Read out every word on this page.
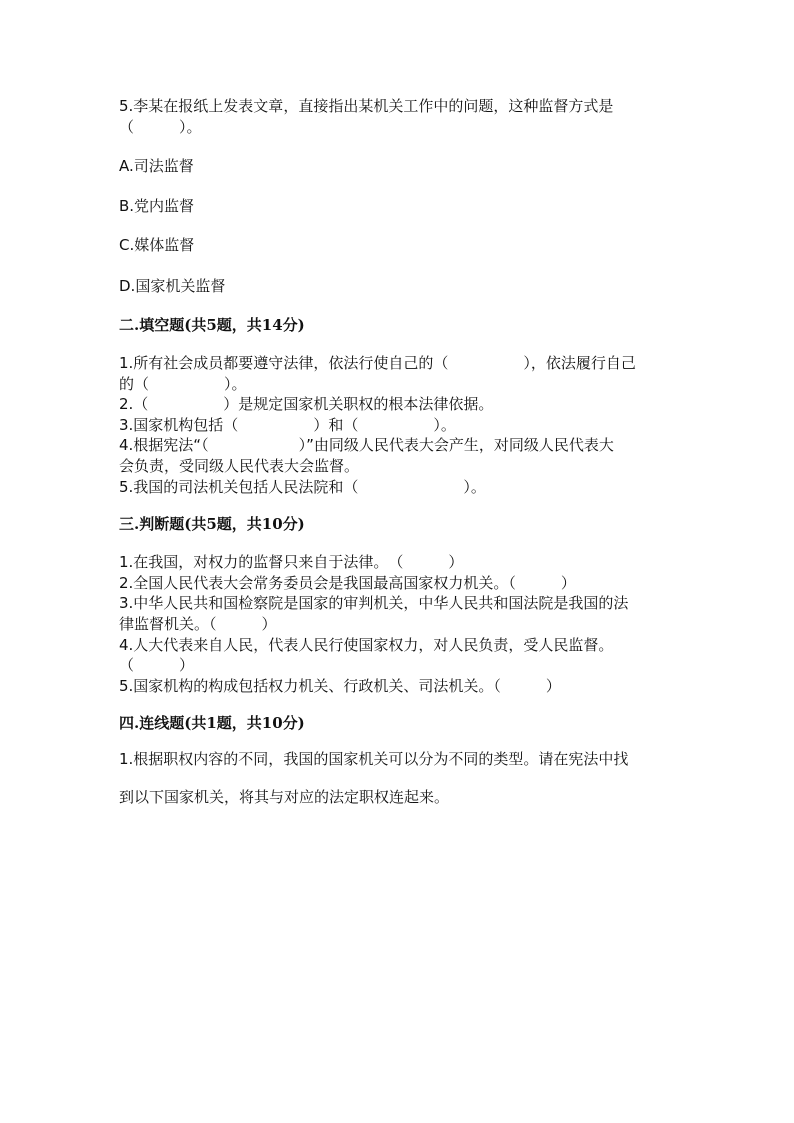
5.李某在报纸上发表文章，直接指出某机关工作中的问题，这种监督方式是
（　　　）。
A.司法监督
B.党内监督
C.媒体监督
D.国家机关监督
二.填空题(共5题，共14分)
1.所有社会成员都要遵守法律，依法行使自己的（　　　　　），依法履行自己
的（　　　　　）。
2.（　　　　　）是规定国家机关职权的根本法律依据。
3.国家机构包括（　　　　　）和（　　　　　）。
4.根据宪法“（　　　　　　）”由同级人民代表大会产生，对同级人民代表大
会负责，受同级人民代表大会监督。
5.我国的司法机关包括人民法院和（　　　　　　　）。
三.判断题(共5题，共10分)
1.在我国，对权力的监督只来自于法律。　（　　　）
2.全国人民代表大会常务委员会是我国最高国家权力机关。（　　　）
3.中华人民共和国检察院是国家的审判机关，中华人民共和国法院是我国的法
律监督机关。（　　　）
4.人大代表来自人民，代表人民行使国家权力，对人民负责，受人民监督。
（　　　）
5.国家机构的构成包括权力机关、行政机关、司法机关。（　　　）
四.连线题(共1题，共10分)
1.根据职权内容的不同，我国的国家机关可以分为不同的类型。请在宪法中找
到以下国家机关，将其与对应的法定职权连起来。
